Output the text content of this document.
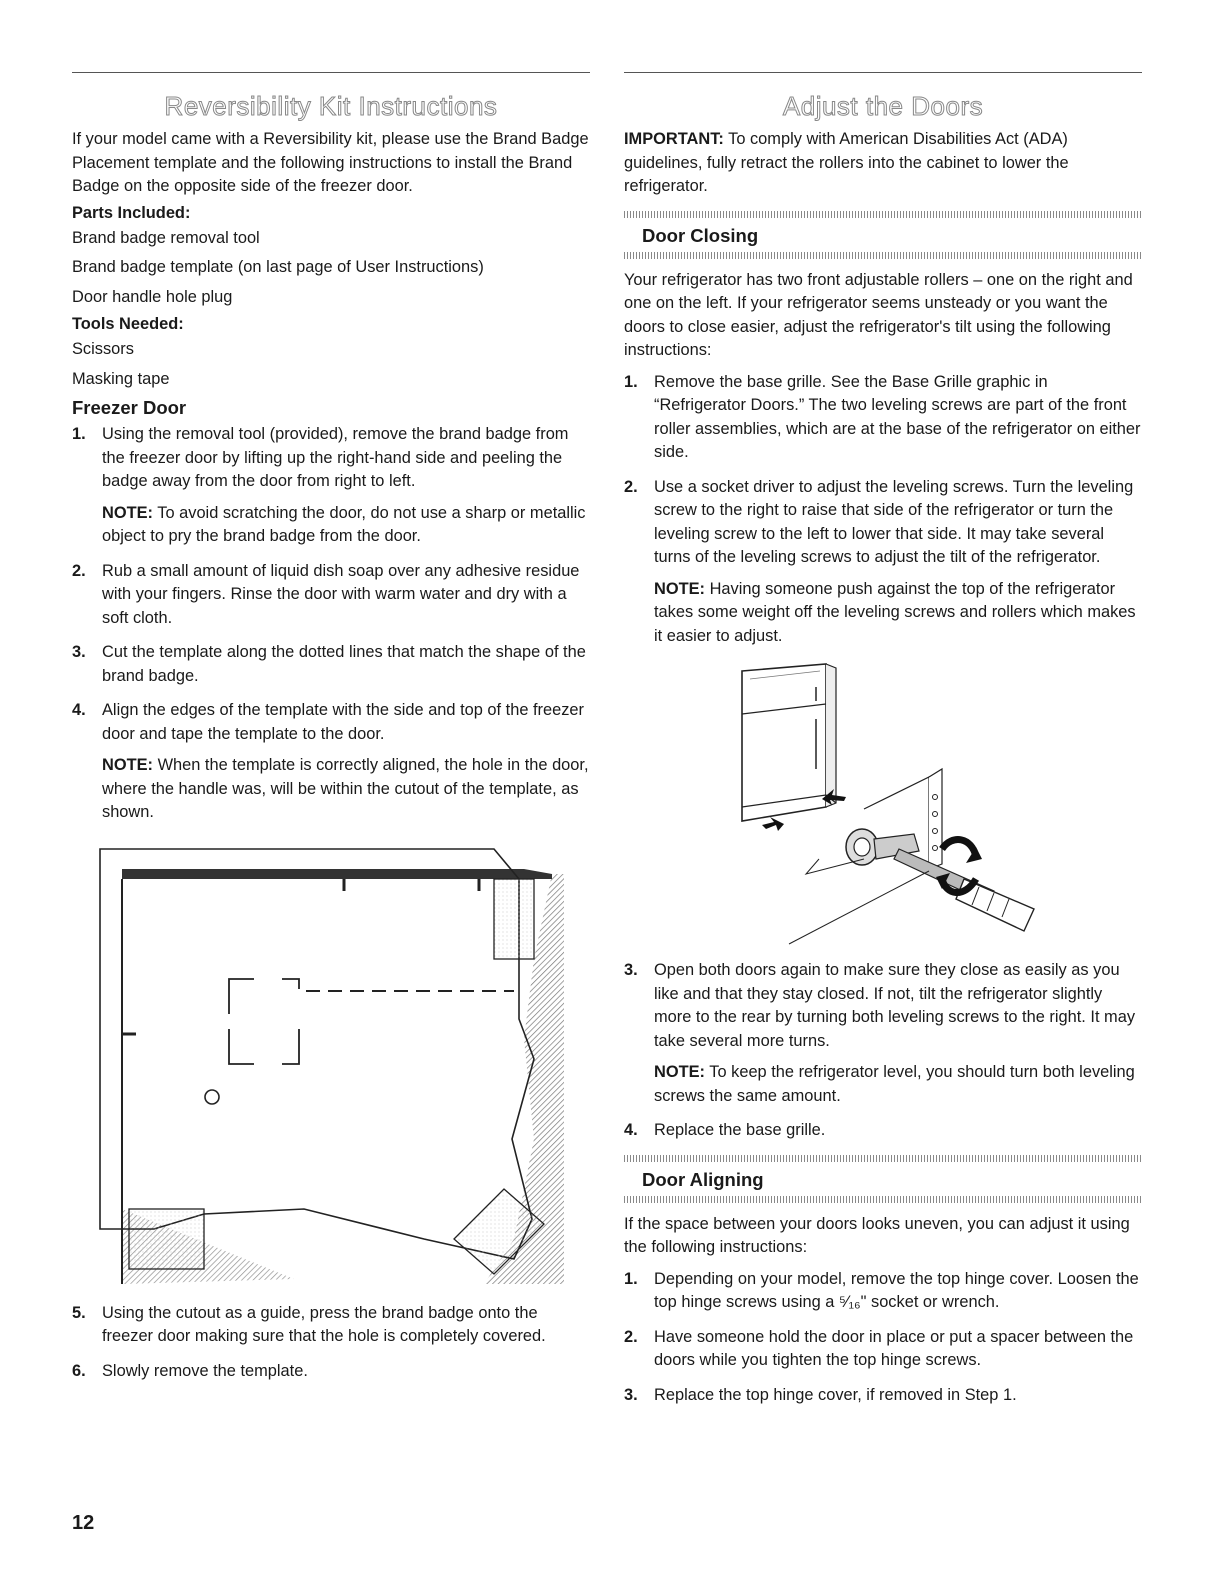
Reversibility Kit Instructions

If your model came with a Reversibility kit, please use the Brand Badge Placement template and the following instructions to install the Brand Badge on the opposite side of the freezer door.

Parts Included:

Brand badge removal tool

Brand badge template (on last page of User Instructions)

Door handle hole plug

Tools Needed:

Scissors

Masking tape

Freezer Door
1. Using the removal tool (provided), remove the brand badge from the freezer door by lifting up the right-hand side and peeling the badge away from the door from right to left.

NOTE: To avoid scratching the door, do not use a sharp or metallic object to pry the brand badge from the door.

2. Rub a small amount of liquid dish soap over any adhesive residue with your fingers. Rinse the door with warm water and dry with a soft cloth.

3. Cut the template along the dotted lines that match the shape of the brand badge.

4. Align the edges of the template with the side and top of the freezer door and tape the template to the door.

NOTE: When the template is correctly aligned, the hole in the door, where the handle was, will be within the cutout of the template, as shown.

5. Using the cutout as a guide, press the brand badge onto the freezer door making sure that the hole is completely covered.

6. Slowly remove the template.

Adjust the Doors

IMPORTANT: To comply with American Disabilities Act (ADA) guidelines, fully retract the rollers into the cabinet to lower the refrigerator.

Door Closing

Your refrigerator has two front adjustable rollers – one on the right and one on the left. If your refrigerator seems unsteady or you want the doors to close easier, adjust the refrigerator's tilt using the following instructions:

1. Remove the base grille. See the Base Grille graphic in “Refrigerator Doors.” The two leveling screws are part of the front roller assemblies, which are at the base of the refrigerator on either side.

2. Use a socket driver to adjust the leveling screws. Turn the leveling screw to the right to raise that side of the refrigerator or turn the leveling screw to the left to lower that side. It may take several turns of the leveling screws to adjust the tilt of the refrigerator.

NOTE: Having someone push against the top of the refrigerator takes some weight off the leveling screws and rollers which makes it easier to adjust.

3. Open both doors again to make sure they close as easily as you like and that they stay closed. If not, tilt the refrigerator slightly more to the rear by turning both leveling screws to the right. It may take several more turns.

NOTE: To keep the refrigerator level, you should turn both leveling screws the same amount.

4. Replace the base grille.

Door Aligning

If the space between your doors looks uneven, you can adjust it using the following instructions:

1. Depending on your model, remove the top hinge cover. Loosen the top hinge screws using a ⁵⁄₁₆" socket or wrench.

2. Have someone hold the door in place or put a spacer between the doors while you tighten the top hinge screws.

3. Replace the top hinge cover, if removed in Step 1.

12
